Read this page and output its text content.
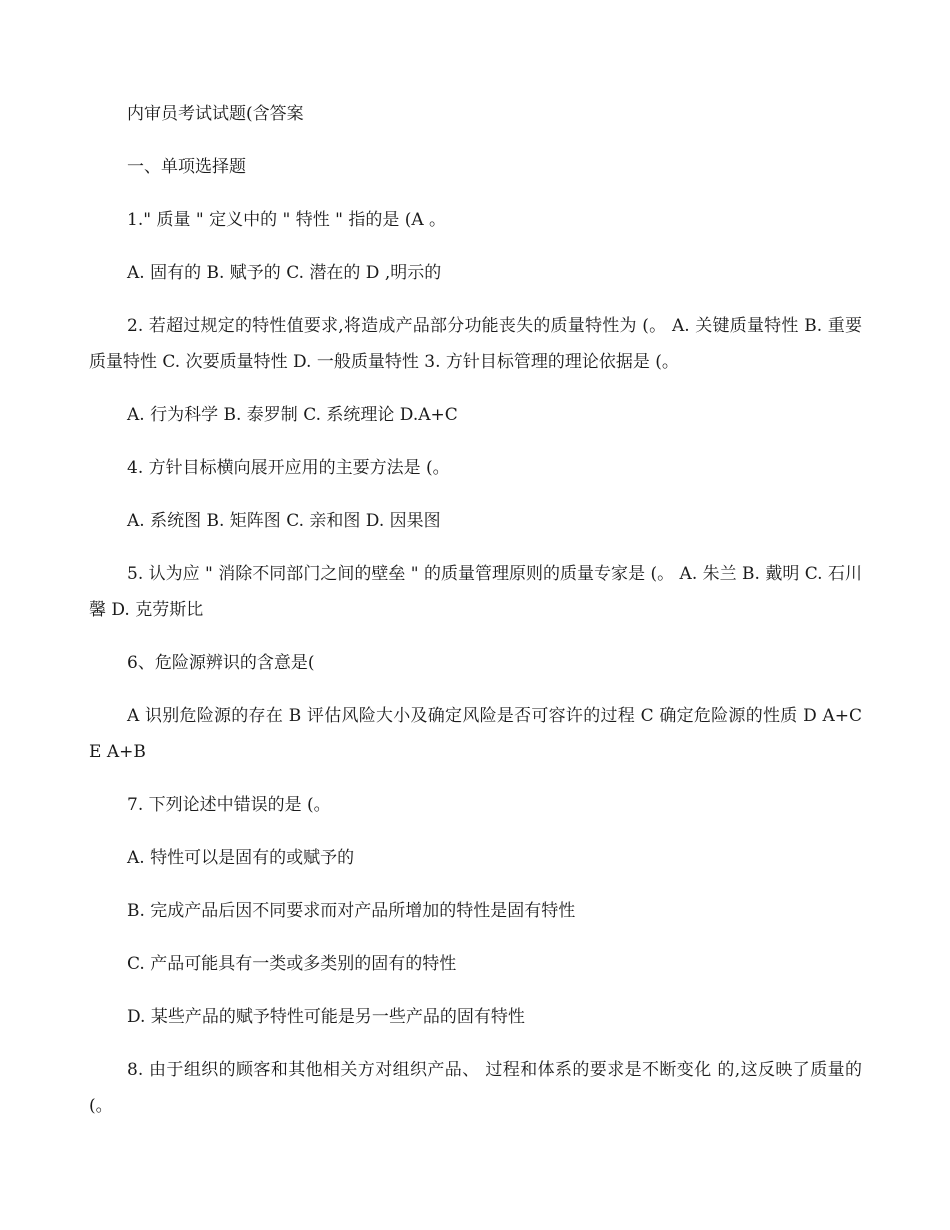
内审员考试试题(含答案

一、单项选择题

1." 质量 " 定义中的 " 特性 " 指的是 (A 。

A. 固有的 B. 赋予的 C. 潜在的 D ,明示的

2. 若超过规定的特性值要求,将造成产品部分功能丧失的质量特性为 (。 A. 关键质量特性 B. 重要质量特性 C. 次要质量特性 D. 一般质量特性 3. 方针目标管理的理论依据是 (。

A. 行为科学 B. 泰罗制 C. 系统理论 D.A+C

4. 方针目标横向展开应用的主要方法是 (。

A. 系统图 B. 矩阵图 C. 亲和图 D. 因果图

5. 认为应 " 消除不同部门之间的壁垒 " 的质量管理原则的质量专家是 (。 A. 朱兰 B. 戴明 C. 石川馨 D. 克劳斯比

6、危险源辨识的含意是(

A 识别危险源的存在 B 评估风险大小及确定风险是否可容许的过程 C 确定危险源的性质 D A+C E A+B

7. 下列论述中错误的是 (。

A. 特性可以是固有的或赋予的

B. 完成产品后因不同要求而对产品所增加的特性是固有特性

C. 产品可能具有一类或多类别的固有的特性

D. 某些产品的赋予特性可能是另一些产品的固有特性

8. 由于组织的顾客和其他相关方对组织产品、 过程和体系的要求是不断变化 的,这反映了质量的 (。
